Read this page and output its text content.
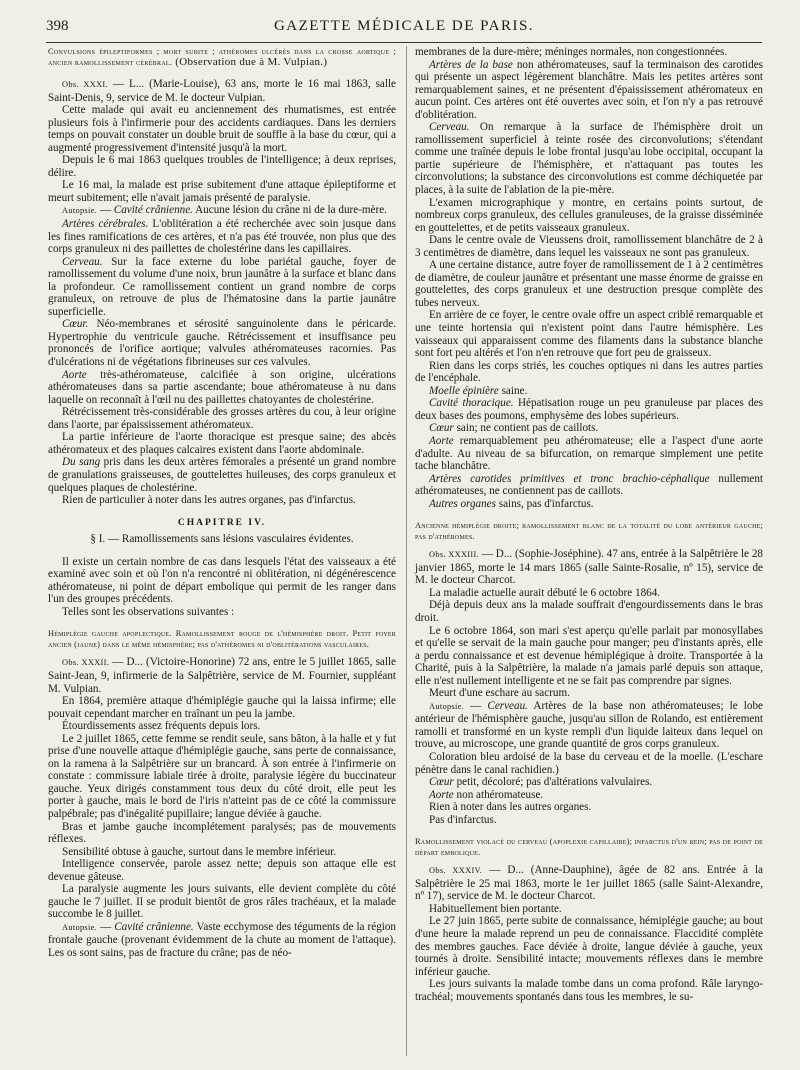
398	GAZETTE MÉDICALE DE PARIS.

Convulsions épileptiformes ; mort subite ; athéromes ulcérés dans la crosse aortique ; ancien ramollissement cérébral. (Observation due à M. Vulpian.)

Obs. XXXI. — L... (Marie-Louise), 63 ans, morte le 16 mai 1863, salle Saint-Denis, 9, service de M. le docteur Vulpian.

Cette malade qui avait eu anciennement des rhumatismes, est entrée plusieurs fois à l'infirmerie pour des accidents cardiaques. Dans les derniers temps on pouvait constater un double bruit de souffle à la base du cœur, qui a augmenté progressivement d'intensité jusqu'à la mort.

Depuis le 6 mai 1863 quelques troubles de l'intelligence; à deux reprises, délire.

Le 16 mai, la malade est prise subitement d'une attaque épileptiforme et meurt subitement; elle n'avait jamais présenté de paralysie.

Autopsie. — Cavité crânienne. Aucune lésion du crâne ni de la dure-mère.

Artères cérébrales. L'oblitération a été recherchée avec soin jusque dans les fines ramifications de ces artères, et n'a pas été trouvée, non plus que des corps granuleux ni des paillettes de cholestérine dans les capillaires.

Cerveau. Sur la face externe du lobe pariétal gauche, foyer de ramollissement du volume d'une noix, brun jaunâtre à la surface et blanc dans la profondeur. Ce ramollissement contient un grand nombre de corps granuleux, on retrouve de plus de l'hématosine dans la partie jaunâtre superficielle.

Cœur. Néo-membranes et sérosité sanguinolente dans le péricarde. Hypertrophie du ventricule gauche. Rétrécissement et insuffisance peu prononcés de l'orifice aortique; valvules athéromateuses racornies. Pas d'ulcérations ni de végétations fibrineuses sur ces valvules.

Aorte très-athéromateuse, calcifiée à son origine, ulcérations athéromateuses dans sa partie ascendante; boue athéromateuse à nu dans laquelle on reconnaît à l'œil nu des paillettes chatoyantes de cholestérine.

Rétrécissement très-considérable des grosses artères du cou, à leur origine dans l'aorte, par épaississement athéromateux.

La partie inférieure de l'aorte thoracique est presque saine; des abcès athéromateux et des plaques calcaires existent dans l'aorte abdominale.

Du sang pris dans les deux artères fémorales a présenté un grand nombre de granulations graisseuses, de gouttelettes huileuses, des corps granuleux et quelques plaques de cholestérine.

Rien de particulier à noter dans les autres organes, pas d'infarctus.

CHAPITRE IV.

§ I. — Ramollissements sans lésions vasculaires évidentes.

Il existe un certain nombre de cas dans lesquels l'état des vaisseaux a été examiné avec soin et où l'on n'a rencontré ni oblitération, ni dégénérescence athéromateuse, ni point de départ embolique qui permit de les ranger dans l'un des groupes précédents.

Telles sont les observations suivantes :

Hémiplégie gauche apoplectique. Ramollissement rouge de l'hémisphère droit. Petit foyer ancien (jaune) dans le même hémisphère; pas d'athéromes ni d'oblitérations vasculaires.

Obs. XXXII. — D... (Victoire-Honorine) 72 ans, entre le 5 juillet 1865, salle Saint-Jean, 9, infirmerie de la Salpêtrière, service de M. Fournier, suppléant M. Vulpian.

En 1864, première attaque d'hémiplégie gauche qui la laissa infirme; elle pouvait cependant marcher en traînant un peu la jambe.

Étourdissements assez fréquents depuis lors.

Le 2 juillet 1865, cette femme se rendit seule, sans bâton, à la halle et y fut prise d'une nouvelle attaque d'hémiplégie gauche, sans perte de connaissance, on la ramena à la Salpêtrière sur un brancard. À son entrée à l'infirmerie on constate : commissure labiale tirée à droite, paralysie légère du buccinateur gauche. Yeux dirigés constamment tous deux du côté droit, elle peut les porter à gauche, mais le bord de l'iris n'atteint pas de ce côté la commissure palpébrale; pas d'inégalité pupillaire; langue déviée à gauche.

Bras et jambe gauche incomplétement paralysés; pas de mouvements réflexes.

Sensibilité obtuse à gauche, surtout dans le membre inférieur.

Intelligence conservée, parole assez nette; depuis son attaque elle est devenue gâteuse.

La paralysie augmente les jours suivants, elle devient complète du côté gauche le 7 juillet. Il se produit bientôt de gros râles trachéaux, et la malade succombe le 8 juillet.

Autopsie. — Cavité crânienne. Vaste ecchymose des téguments de la région frontale gauche (provenant évidemment de la chute au moment de l'attaque). Les os sont sains, pas de fracture du crâne; pas de néo-

membranes de la dure-mère; méninges normales, non congestionnées.

Artères de la base non athéromateuses, sauf la terminaison des carotides qui présente un aspect légèrement blanchâtre. Mais les petites artères sont remarquablement saines, et ne présentent d'épaississement athéromateux en aucun point. Ces artères ont été ouvertes avec soin, et l'on n'y a pas retrouvé d'oblitération.

Cerveau. On remarque à la surface de l'hémisphère droit un ramollissement superficiel à teinte rosée des circonvolutions; s'étendant comme une traînée depuis le lobe frontal jusqu'au lobe occipital, occupant la partie supérieure de l'hémisphère, et n'attaquant pas toutes les circonvolutions; la substance des circonvolutions est comme déchiquetée par places, à la suite de l'ablation de la pie-mère.

L'examen micrographique y montre, en certains points surtout, de nombreux corps granuleux, des cellules granuleuses, de la graisse disséminée en gouttelettes, et de petits vaisseaux granuleux.

Dans le centre ovale de Vieussens droit, ramollissement blanchâtre de 2 à 3 centimètres de diamètre, dans lequel les vaisseaux ne sont pas granuleux.

A une certaine distance, autre foyer de ramollissement de 1 à 2 centimètres de diamètre, de couleur jaunâtre et présentant une masse énorme de graisse en gouttelettes, des corps granuleux et une destruction presque complète des tubes nerveux.

En arrière de ce foyer, le centre ovale offre un aspect criblé remarquable et une teinte hortensia qui n'existent point dans l'autre hémisphère. Les vaisseaux qui apparaissent comme des filaments dans la substance blanche sont fort peu altérés et l'on n'en retrouve que fort peu de graisseux.

Rien dans les corps striés, les couches optiques ni dans les autres parties de l'encéphale.

Moelle épinière saine.

Cavité thoracique. Hépatisation rouge un peu granuleuse par places des deux bases des poumons, emphysème des lobes supérieurs.

Cœur sain; ne contient pas de caillots.

Aorte remarquablement peu athéromateuse; elle a l'aspect d'une aorte d'adulte. Au niveau de sa bifurcation, on remarque simplement une petite tache blanchâtre.

Artères carotides primitives et tronc brachio-céphalique nullement athéromateuses, ne contiennent pas de caillots.

Autres organes sains, pas d'infarctus.

Ancienne hémiplégie droite; ramollissement blanc de la totalité du lobe antérieur gauche; pas d'athéromes.

Obs. XXXIII. — D... (Sophie-Joséphine). 47 ans, entrée à la Salpêtrière le 28 janvier 1865, morte le 14 mars 1865 (salle Sainte-Rosalie, nº 15), service de M. le docteur Charcot.

La maladie actuelle aurait débuté le 6 octobre 1864.

Déjà depuis deux ans la malade souffrait d'engourdissements dans le bras droit.

Le 6 octobre 1864, son mari s'est aperçu qu'elle parlait par monosyllabes et qu'elle se servait de la main gauche pour manger; peu d'instants après, elle a perdu connaissance et est devenue hémiplégique à droite. Transportée à la Charité, puis à la Salpêtrière, la malade n'a jamais parlé depuis son attaque, elle n'est nullement intelligente et ne se fait pas comprendre par signes.

Meurt d'une eschare au sacrum.

Autopsie. — Cerveau. Artères de la base non athéromateuses; le lobe antérieur de l'hémisphère gauche, jusqu'au sillon de Rolando, est entièrement ramolli et transformé en un kyste rempli d'un liquide laiteux dans lequel on trouve, au microscope, une grande quantité de gros corps granuleux.

Coloration bleu ardoisé de la base du cerveau et de la moelle. (L'eschare pénètre dans le canal rachidien.)

Cœur petit, décoloré; pas d'altérations valvulaires.

Aorte non athéromateuse.

Rien à noter dans les autres organes.

Pas d'infarctus.

Ramollissement violacé du cerveau (apoplexie capillaire); infarctus d'un rein; pas de point de départ embolique.

Obs. XXXIV. — D... (Anne-Dauphine), âgée de 82 ans. Entrée à la Salpêtrière le 25 mai 1863, morte le 1er juillet 1865 (salle Saint-Alexandre, nº 17), service de M. le docteur Charcot.

Habituellement bien portante.

Le 27 juin 1865, perte subite de connaissance, hémiplégie gauche; au bout d'une heure la malade reprend un peu de connaissance. Flaccidité complète des membres gauches. Face déviée à droite, langue déviée à gauche, yeux tournés à droite. Sensibilité intacte; mouvements réflexes dans le membre inférieur gauche.

Les jours suivants la malade tombe dans un coma profond. Râle laryngo-trachéal; mouvements spontanés dans tous les membres, le su-
